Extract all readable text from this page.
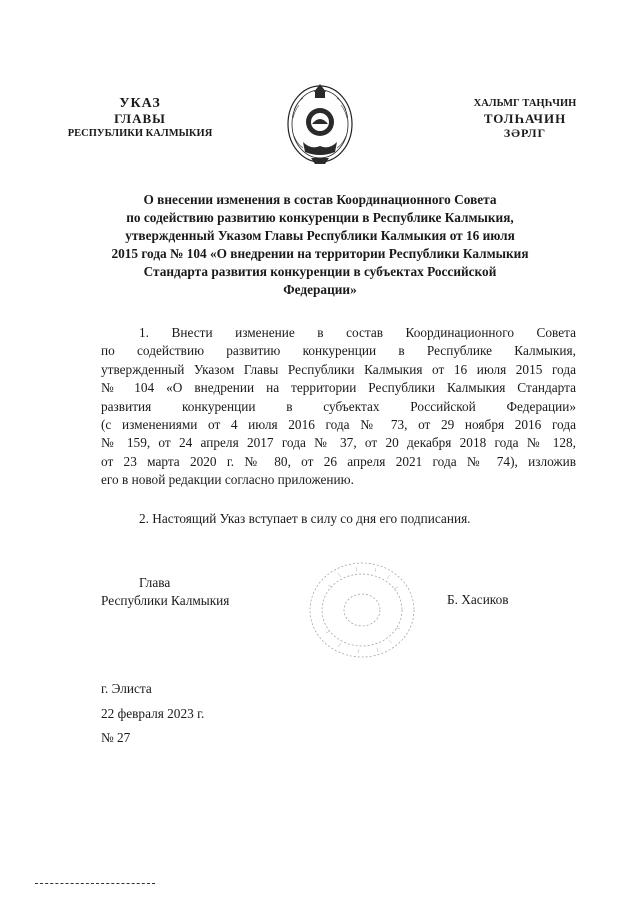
УКАЗ
ГЛАВЫ
РЕСПУБЛИКИ КАЛМЫКИЯ
ХАЛЬМГ ТАҢҺЧИН
ТОЛҺАЧИН
ЗӘРЛГ
О внесении изменения в состав Координационного Совета
по содействию развитию конкуренции в Республике Калмыкия,
утвержденный Указом Главы Республики Калмыкия от 16 июля
2015 года № 104 «О внедрении на территории Республики Калмыкия
Стандарта развития конкуренции в субъектах Российской
Федерации»
1. Внести изменение в состав Координационного Совета
по содействию развитию конкуренции в Республике Калмыкия,
утвержденный Указом Главы Республики Калмыкия от 16 июля 2015 года
№ 104 «О внедрении на территории Республики Калмыкия Стандарта
развития конкуренции в субъектах Российской Федерации»
(с изменениями от 4 июля 2016 года № 73, от 29 ноября 2016 года
№ 159, от 24 апреля 2017 года № 37, от 20 декабря 2018 года № 128,
от 23 марта 2020 г. № 80, от 26 апреля 2021 года № 74), изложив
его в новой редакции согласно приложению.
2. Настоящий Указ вступает в силу со дня его подписания.
Глава
Республики Калмыкия	Б. Хасиков
г. Элиста
22 февраля 2023 г.
№ 27
